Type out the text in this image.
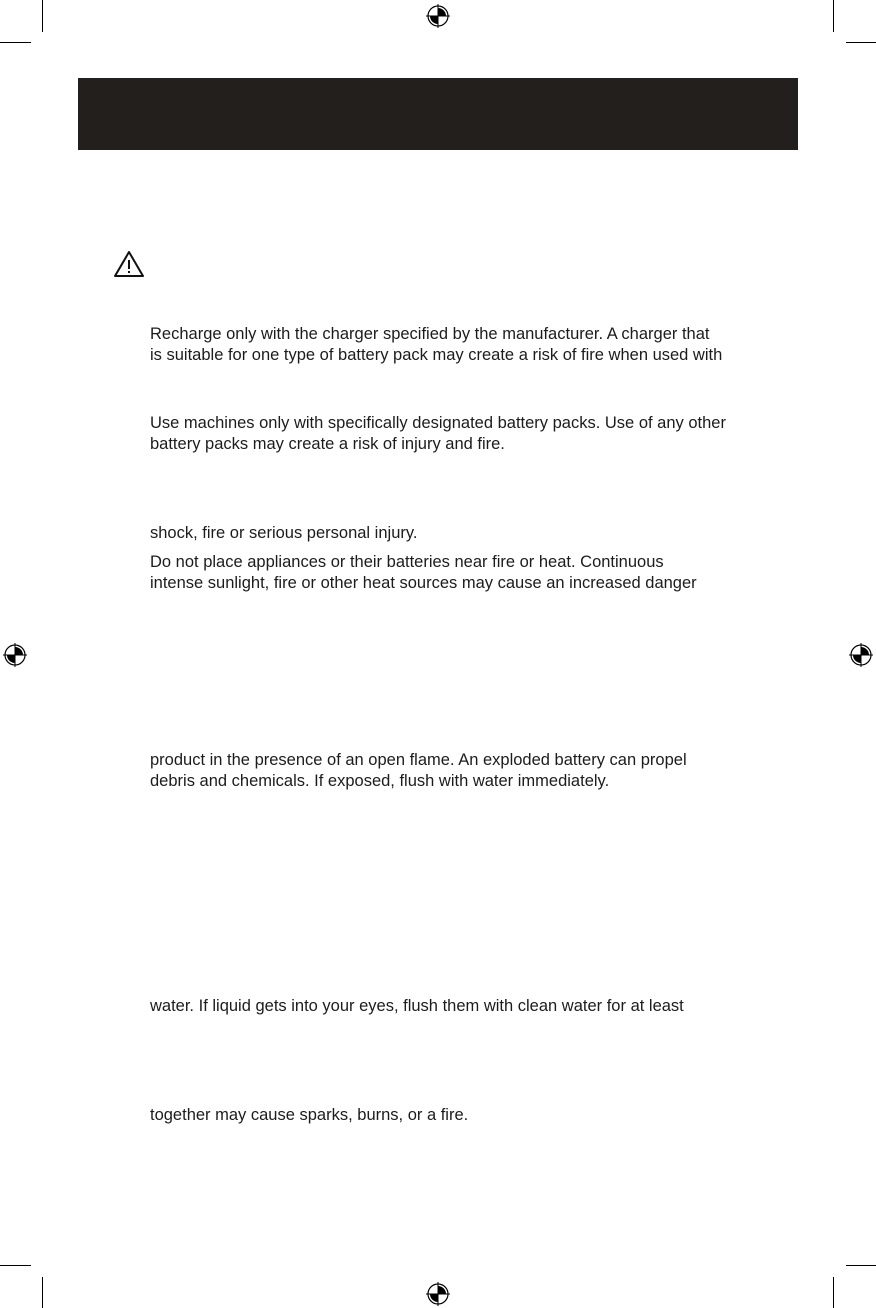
Recharge only with the charger specified by the manufacturer. A charger that
is suitable for one type of battery pack may create a risk of fire when used with

Use machines only with specifically designated battery packs. Use of any other
battery packs may create a risk of injury and fire.

shock, fire or serious personal injury.

Do not place appliances or their batteries near fire or heat. Continuous
intense sunlight, fire or other heat sources may cause an increased danger

product in the presence of an open flame. An exploded battery can propel
debris and chemicals. If exposed, flush with water immediately.

water. If liquid gets into your eyes, flush them with clean water for at least

together may cause sparks, burns, or a fire.
